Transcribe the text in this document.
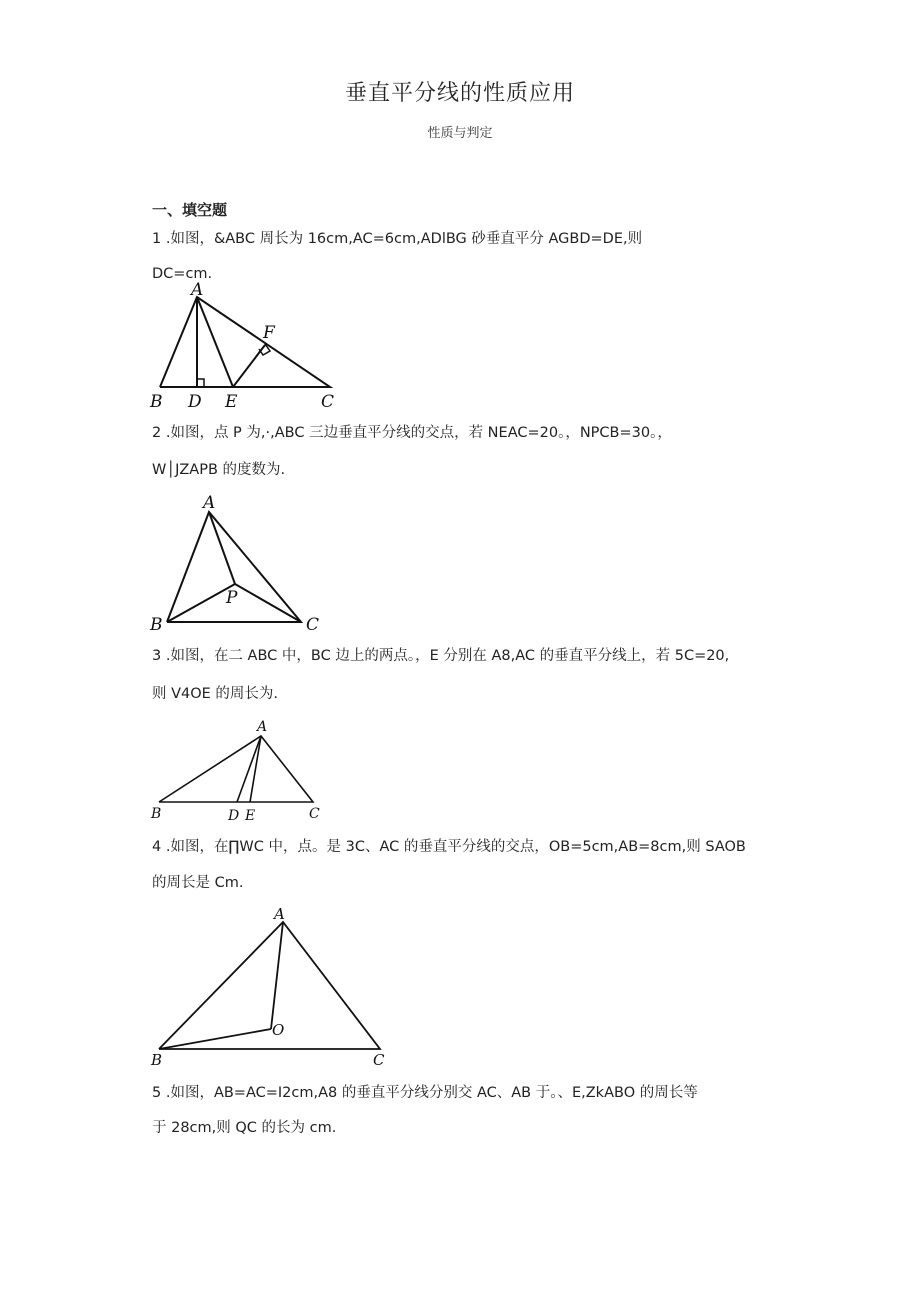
垂直平分线的性质应用
性质与判定
一、填空题
1 .如图，&ABC 周长为 16cm,AC=6cm,ADlBG 砂垂直平分 AGBD=DE,则
DC=cm.
A
F
B D E	C
2 .如图，点 P 为,·,ABC 三边垂直平分线的交点，若 NEAC=20。，NPCB=30。，
W│JZAPB 的度数为.
A
P
B	C
3 .如图，在二 ABC 中，BC 边上的两点。，E 分别在 A8,AC 的垂直平分线上，若 5C=20,
则 V4OE 的周长为.
A
B	D E	C
4 .如图，在∏WC 中，点。是 3C、AC 的垂直平分线的交点，OB=5cm,AB=8cm,则 SAOB
的周长是 Cm.
A
O
B	C
5 .如图，AB=AC=I2cm,A8 的垂直平分线分别交 AC、AB 于。、E,ZkABO 的周长等
于 28cm,则 QC 的长为 cm.
